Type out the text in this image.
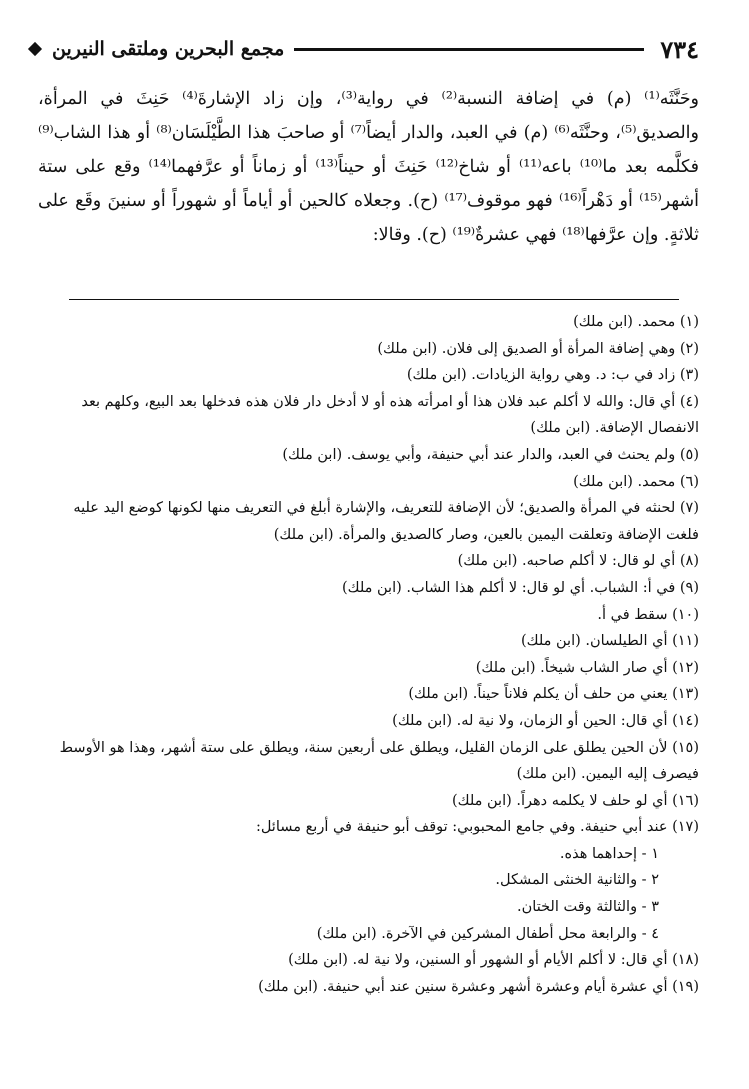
٧٣٤
مجمع البحرين وملتقى النيرين
وحَنَّثَه⁽¹⁾ (م) في إضافة النسبة⁽²⁾ في رواية⁽³⁾، وإن زاد الإشارةَ⁽⁴⁾ حَنِثَ في المرأة، والصديق⁽⁵⁾، وحنَّثَه⁽⁶⁾ (م) في العبد، والدار أيضاً⁽⁷⁾ أو صاحبَ هذا الطَّيْلَسَان⁽⁸⁾ أو هذا الشاب⁽⁹⁾ فكلَّمه بعد ما⁽¹⁰⁾ باعه⁽¹¹⁾ أو شاخ⁽¹²⁾ حَنِثَ أو حيناً⁽¹³⁾ أو زماناً أو عرَّفهما⁽¹⁴⁾ وقع على ستة أشهر⁽¹⁵⁾ أو دَهْراً⁽¹⁶⁾ فهو موقوف⁽¹⁷⁾ (ح). وجعلاه كالحين أو أياماً أو شهوراً أو سنينَ وقَع على ثلاثةٍ. وإن عرَّفها⁽¹⁸⁾ فهي عشرةٌ⁽¹⁹⁾ (ح). وقالا:

(١) محمد. (ابن ملك)

(٢) وهي إضافة المرأة أو الصديق إلى فلان. (ابن ملك)

(٣) زاد في ب: د. وهي رواية الزيادات. (ابن ملك)

(٤) أي قال: والله لا أكلم عبد فلان هذا أو امرأته هذه أو لا أدخل دار فلان هذه فدخلها بعد البيع، وكلهم بعد الانفصال الإضافة. (ابن ملك)

(٥) ولم يحنث في العبد، والدار عند أبي حنيفة، وأبي يوسف. (ابن ملك)

(٦) محمد. (ابن ملك)

(٧) لحنثه في المرأة والصديق؛ لأن الإضافة للتعريف، والإشارة أبلغ في التعريف منها لكونها كوضع اليد عليه فلغت الإضافة وتعلقت اليمين بالعين، وصار كالصديق والمرأة. (ابن ملك)

(٨) أي لو قال: لا أكلم صاحبه. (ابن ملك)

(٩) في أ: الشباب. أي لو قال: لا أكلم هذا الشاب. (ابن ملك)

(١٠) سقط في أ.

(١١) أي الطيلسان. (ابن ملك)

(١٢) أي صار الشاب شيخاً. (ابن ملك)

(١٣) يعني من حلف أن يكلم فلاناً حيناً. (ابن ملك)

(١٤) أي قال: الحين أو الزمان، ولا نية له. (ابن ملك)

(١٥) لأن الحين يطلق على الزمان القليل، ويطلق على أربعين سنة، ويطلق على ستة أشهر، وهذا هو الأوسط فيصرف إليه اليمين. (ابن ملك)

(١٦) أي لو حلف لا يكلمه دهراً. (ابن ملك)

(١٧) عند أبي حنيفة. وفي جامع المحبوبي: توقف أبو حنيفة في أربع مسائل:

١ - إحداهما هذه.

٢ - والثانية الخنثى المشكل.

٣ - والثالثة وقت الختان.

٤ - والرابعة محل أطفال المشركين في الآخرة. (ابن ملك)

(١٨) أي قال: لا أكلم الأيام أو الشهور أو السنين، ولا نية له. (ابن ملك)

(١٩) أي عشرة أيام وعشرة أشهر وعشرة سنين عند أبي حنيفة. (ابن ملك)
